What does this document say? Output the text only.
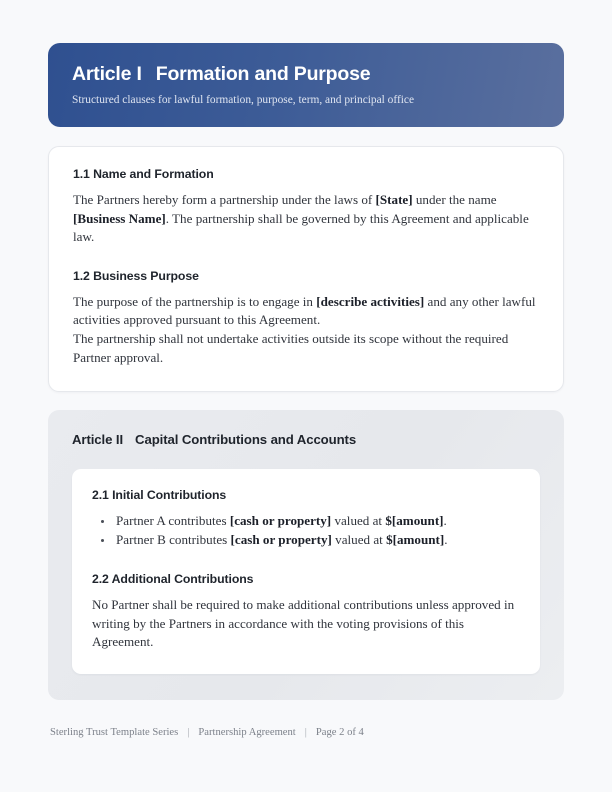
Article I Formation and Purpose
Structured clauses for lawful formation, purpose, term, and principal office
1.1 Name and Formation

The Partners hereby form a partnership under the laws of [State] under the name [Business Name]. The partnership shall be governed by this Agreement and applicable law.

1.2 Business Purpose

The purpose of the partnership is to engage in [describe activities] and any other lawful activities approved pursuant to this Agreement.

The partnership shall not undertake activities outside its scope without the required Partner approval.

Article II Capital Contributions and Accounts
2.1 Initial Contributions
Partner A contributes [cash or property] valued at $[amount].
Partner B contributes [cash or property] valued at $[amount].
2.2 Additional Contributions

No Partner shall be required to make additional contributions unless approved in writing by the Partners in accordance with the voting provisions of this Agreement.

Sterling Trust Template Series | Partnership Agreement | Page 2 of 4
